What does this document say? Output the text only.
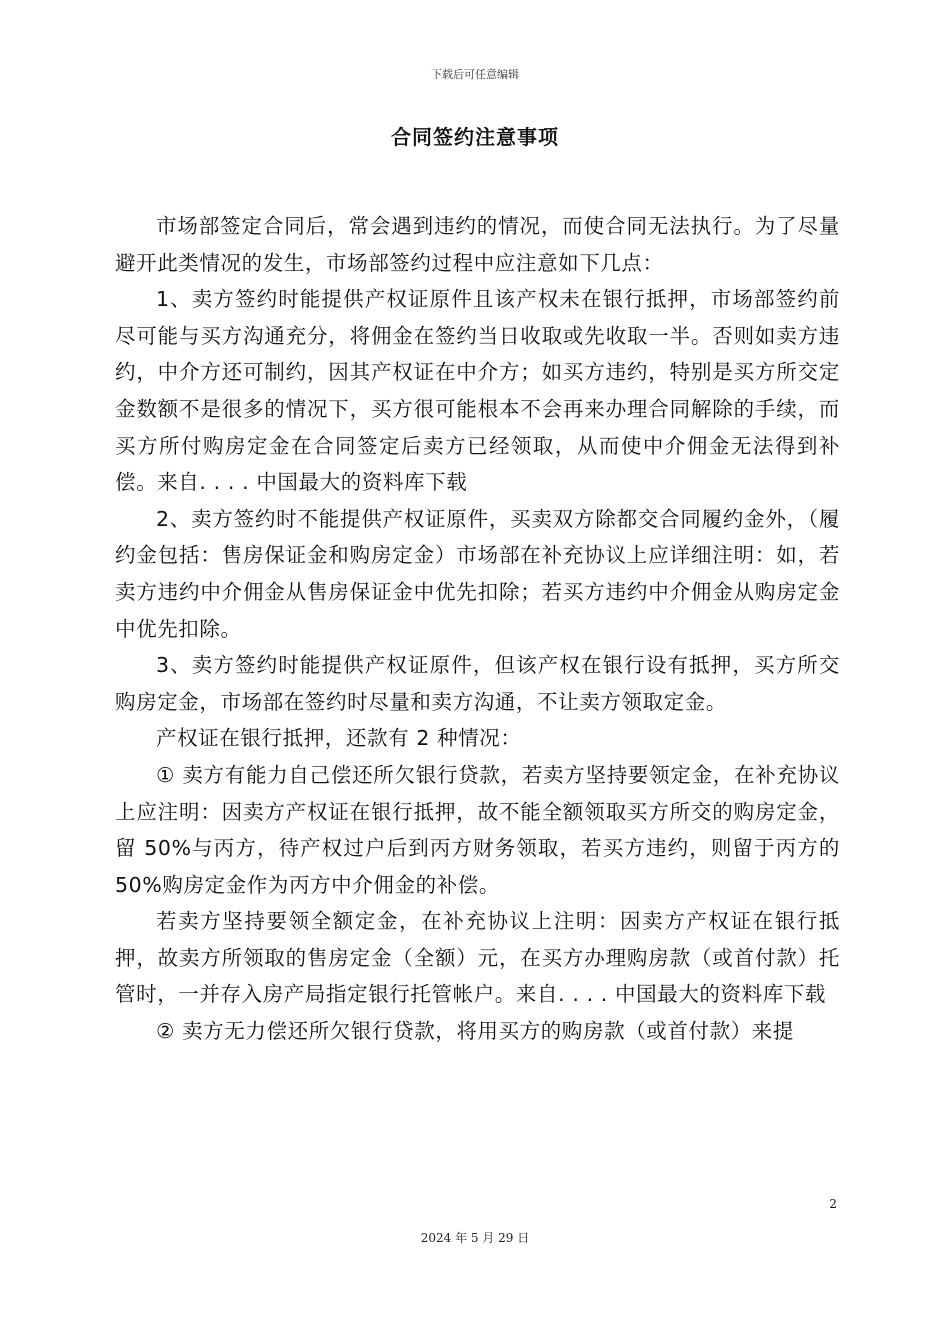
下载后可任意编辑
合同签约注意事项

市场部签定合同后，常会遇到违约的情况，而使合同无法执行。为了尽量避开此类情况的发生，市场部签约过程中应注意如下几点：

1、卖方签约时能提供产权证原件且该产权未在银行抵押，市场部签约前尽可能与买方沟通充分，将佣金在签约当日收取或先收取一半。否则如卖方违约，中介方还可制约，因其产权证在中介方；如买方违约，特别是买方所交定金数额不是很多的情况下，买方很可能根本不会再来办理合同解除的手续，而买方所付购房定金在合同签定后卖方已经领取，从而使中介佣金无法得到补偿。来自. . . . 中国最大的资料库下载

2、卖方签约时不能提供产权证原件，买卖双方除都交合同履约金外，（履约金包括：售房保证金和购房定金）市场部在补充协议上应详细注明：如，若卖方违约中介佣金从售房保证金中优先扣除；若买方违约中介佣金从购房定金中优先扣除。

3、卖方签约时能提供产权证原件，但该产权在银行设有抵押，买方所交购房定金，市场部在签约时尽量和卖方沟通，不让卖方领取定金。

产权证在银行抵押，还款有 2 种情况：

① 卖方有能力自己偿还所欠银行贷款，若卖方坚持要领定金，在补充协议上应注明：因卖方产权证在银行抵押，故不能全额领取买方所交的购房定金，留 50%与丙方，待产权过户后到丙方财务领取，若买方违约，则留于丙方的 50%购房定金作为丙方中介佣金的补偿。

若卖方坚持要领全额定金，在补充协议上注明：因卖方产权证在银行抵押，故卖方所领取的售房定金（全额）元，在买方办理购房款（或首付款）托管时，一并存入房产局指定银行托管帐户。来自. . . . 中国最大的资料库下载

② 卖方无力偿还所欠银行贷款，将用买方的购房款（或首付款）来提

2
2024 年 5 月 29 日
